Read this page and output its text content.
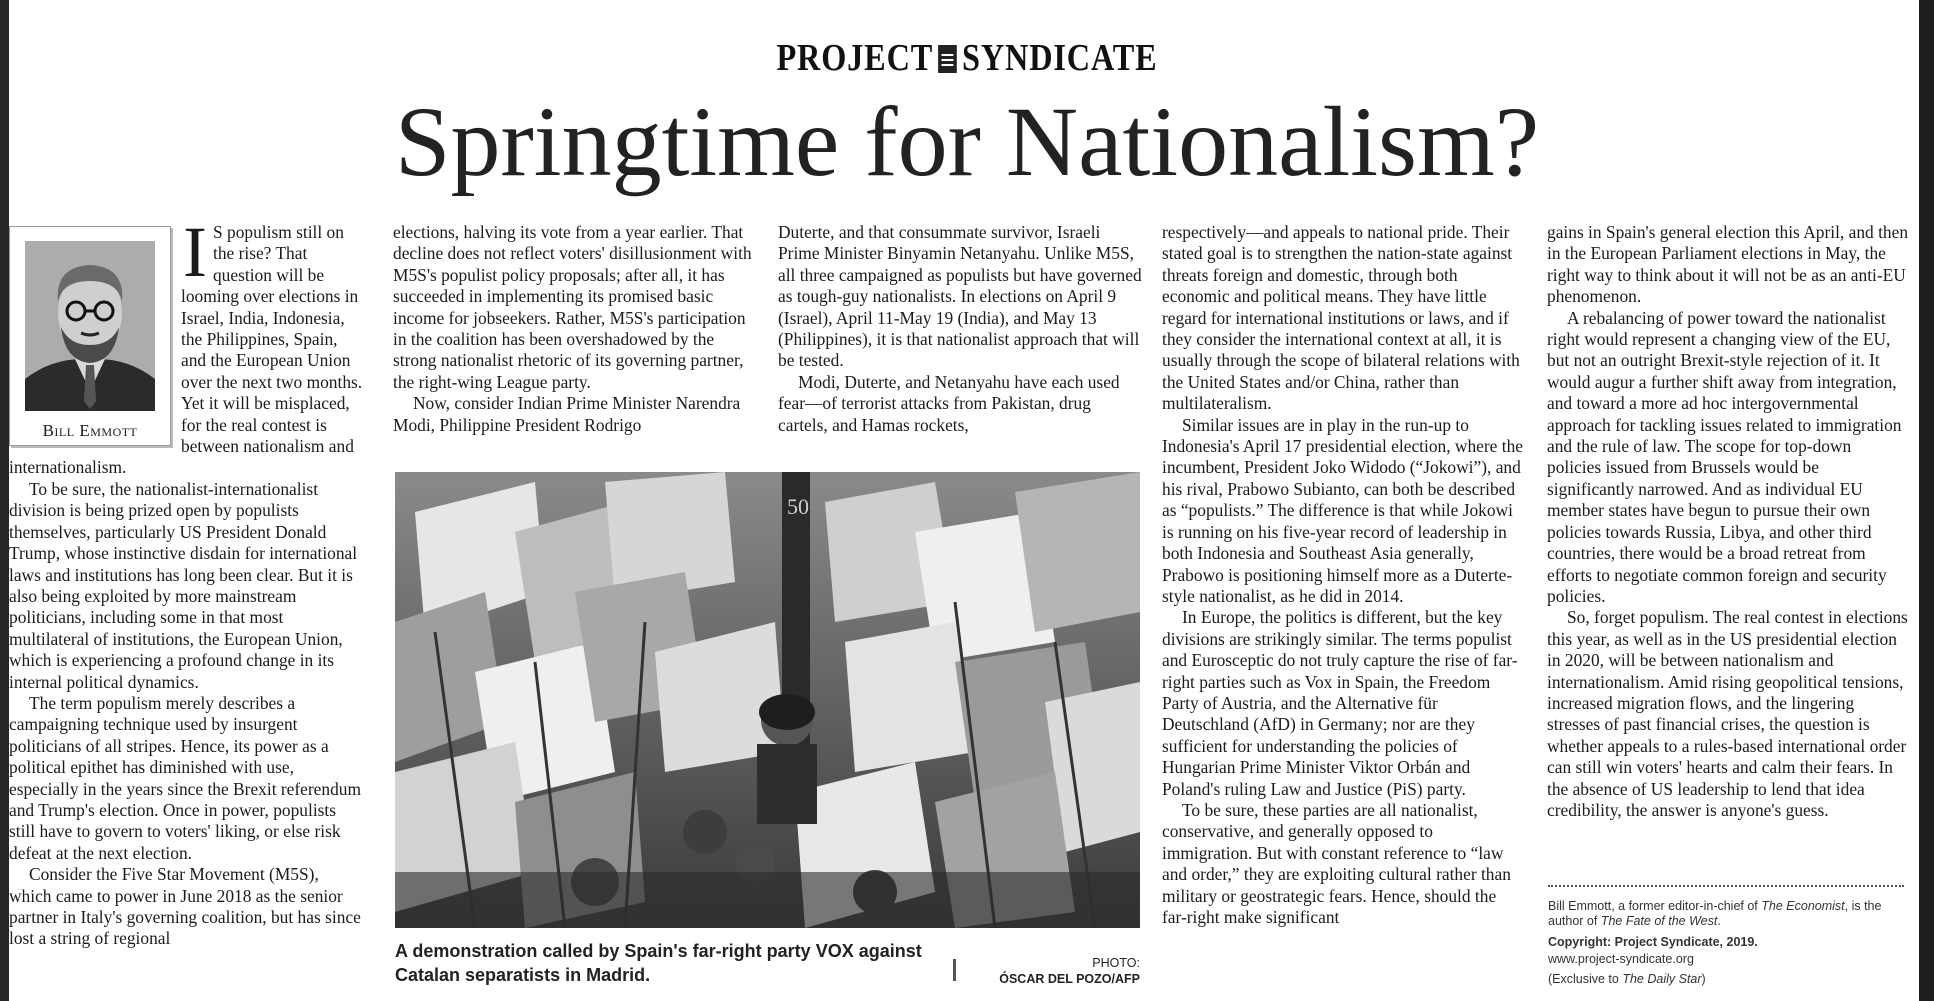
PROJECT SYNDICATE
Springtime for Nationalism?
Bill Emmott

I S populism still on the rise? That question will be looming over elections in Israel, India, Indonesia, the Philippines, Spain, and the European Union over the next two months. Yet it will be misplaced, for the real contest is between nationalism and internationalism.

To be sure, the nationalist-internationalist division is being prized open by populists themselves, particularly US President Donald Trump, whose instinctive disdain for international laws and institutions has long been clear. But it is also being exploited by more mainstream politicians, including some in that most multilateral of institutions, the European Union, which is experiencing a profound change in its internal political dynamics.

The term populism merely describes a campaigning technique used by insurgent politicians of all stripes. Hence, its power as a political epithet has diminished with use, especially in the years since the Brexit referendum and Trump's election. Once in power, populists still have to govern to voters' liking, or else risk defeat at the next election.

Consider the Five Star Movement (M5S), which came to power in June 2018 as the senior partner in Italy's governing coalition, but has since lost a string of regional

elections, halving its vote from a year earlier. That decline does not reflect voters' disillusionment with M5S's populist policy proposals; after all, it has succeeded in implementing its promised basic income for jobseekers. Rather, M5S's participation in the coalition has been overshadowed by the strong nationalist rhetoric of its governing partner, the right-wing League party.

Now, consider Indian Prime Minister Narendra Modi, Philippine President Rodrigo

Duterte, and that consummate survivor, Israeli Prime Minister Binyamin Netanyahu. Unlike M5S, all three campaigned as populists but have governed as tough-guy nationalists. In elections on April 9 (Israel), April 11-May 19 (India), and May 13 (Philippines), it is that nationalist approach that will be tested.

Modi, Duterte, and Netanyahu have each used fear—of terrorist attacks from Pakistan, drug cartels, and Hamas rockets,

respectively—and appeals to national pride. Their stated goal is to strengthen the nation-state against threats foreign and domestic, through both economic and political means. They have little regard for international institutions or laws, and if they consider the international context at all, it is usually through the scope of bilateral relations with the United States and/or China, rather than multilateralism.

Similar issues are in play in the run-up to Indonesia's April 17 presidential election, where the incumbent, President Joko Widodo (“Jokowi”), and his rival, Prabowo Subianto, can both be described as “populists.” The difference is that while Jokowi is running on his five-year record of leadership in both Indonesia and Southeast Asia generally, Prabowo is positioning himself more as a Duterte-style nationalist, as he did in 2014.

In Europe, the politics is different, but the key divisions are strikingly similar. The terms populist and Eurosceptic do not truly capture the rise of far-right parties such as Vox in Spain, the Freedom Party of Austria, and the Alternative für Deutschland (AfD) in Germany; nor are they sufficient for understanding the policies of Hungarian Prime Minister Viktor Orbán and Poland's ruling Law and Justice (PiS) party.

To be sure, these parties are all nationalist, conservative, and generally opposed to immigration. But with constant reference to “law and order,” they are exploiting cultural rather than military or geostrategic fears. Hence, should the far-right make significant

gains in Spain's general election this April, and then in the European Parliament elections in May, the right way to think about it will not be as an anti-EU phenomenon.

A rebalancing of power toward the nationalist right would represent a changing view of the EU, but not an outright Brexit-style rejection of it. It would augur a further shift away from integration, and toward a more ad hoc intergovernmental approach for tackling issues related to immigration and the rule of law. The scope for top-down policies issued from Brussels would be significantly narrowed. And as individual EU member states have begun to pursue their own policies towards Russia, Libya, and other third countries, there would be a broad retreat from efforts to negotiate common foreign and security policies.

So, forget populism. The real contest in elections this year, as well as in the US presidential election in 2020, will be between nationalism and internationalism. Amid rising geopolitical tensions, increased migration flows, and the lingering stresses of past financial crises, the question is whether appeals to a rules-based international order can still win voters' hearts and calm their fears. In the absence of US leadership to lend that idea credibility, the answer is anyone's guess.

50
A demonstration called by Spain's far-right party VOX against Catalan separatists in Madrid.
PHOTO:
ÓSCAR DEL POZO/AFP
Bill Emmott, a former editor-in-chief of The Economist, is the author of The Fate of the West.
Copyright: Project Syndicate, 2019.
www.project-syndicate.org
(Exclusive to The Daily Star)
